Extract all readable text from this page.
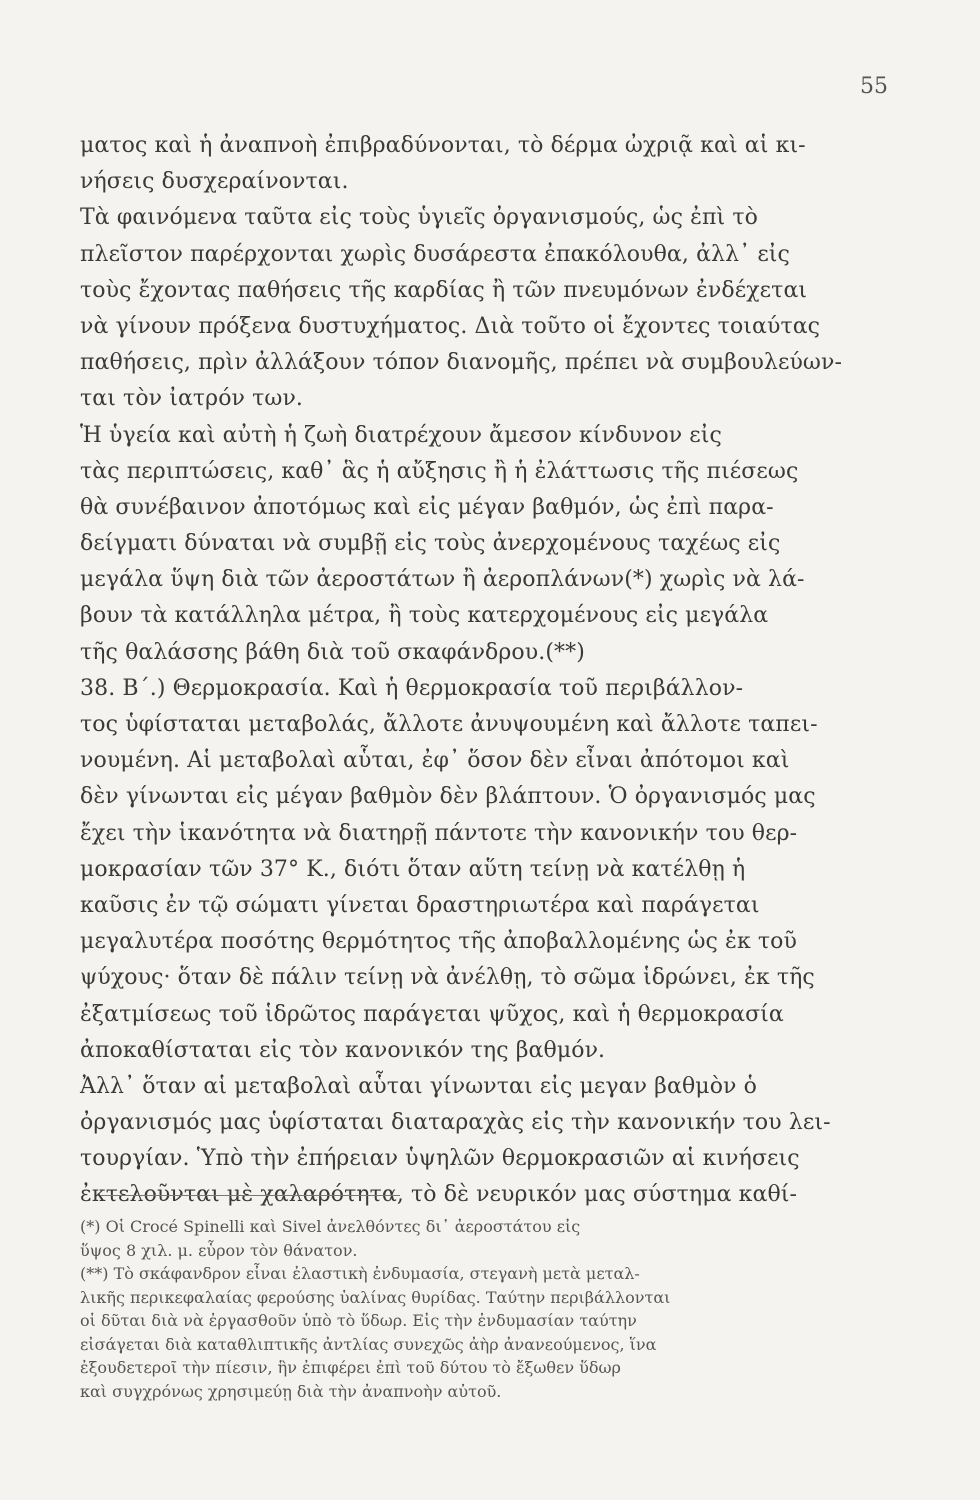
55
ματος καὶ ἡ ἀναπνοὴ ἐπιβραδύνονται, τὸ δέρμα ὠχριᾷ καὶ αἱ κι-
νήσεις δυσχεραίνονται.
Τὰ φαινόμενα ταῦτα εἰς τοὺς ὑγιεῖς ὀργανισμούς, ὡς ἐπὶ τὸ
πλεῖστον παρέρχονται χωρὶς δυσάρεστα ἐπακόλουθα, ἀλλ᾽ εἰς
τοὺς ἔχοντας παθήσεις τῆς καρδίας ἢ τῶν πνευμόνων ἐνδέχεται
νὰ γίνουν πρόξενα δυστυχήματος. Διὰ τοῦτο οἱ ἔχοντες τοιαύτας
παθήσεις, πρὶν ἀλλάξουν τόπον διανομῆς, πρέπει νὰ συμβουλεύων-
ται τὸν ἰατρόν των.
Ἡ ὑγεία καὶ αὐτὴ ἡ ζωὴ διατρέχουν ἄμεσον κίνδυνον εἰς
τὰς περιπτώσεις, καθ᾽ ἃς ἡ αὔξησις ἢ ἡ ἐλάττωσις τῆς πιέσεως
θὰ συνέβαινον ἀποτόμως καὶ εἰς μέγαν βαθμόν, ὡς ἐπὶ παρα-
δείγματι δύναται νὰ συμβῇ εἰς τοὺς ἀνερχομένους ταχέως εἰς
μεγάλα ὕψη διὰ τῶν ἀεροστάτων ἢ ἀεροπλάνων(*) χωρὶς νὰ λά-
βουν τὰ κατάλληλα μέτρα, ἢ τοὺς κατερχομένους εἰς μεγάλα
τῆς θαλάσσης βάθη διὰ τοῦ σκαφάνδρου.(**)
38. Β΄.) Θερμοκρασία. Καὶ ἡ θερμοκρασία τοῦ περιβάλλον-
τος ὑφίσταται μεταβολάς, ἄλλοτε ἀνυψουμένη καὶ ἄλλοτε ταπει-
νουμένη. Αἱ μεταβολαὶ αὗται, ἐφ᾽ ὅσον δὲν εἶναι ἀπότομοι καὶ
δὲν γίνωνται εἰς μέγαν βαθμὸν δὲν βλάπτουν. Ὁ ὀργανισμός μας
ἔχει τὴν ἱκανότητα νὰ διατηρῇ πάντοτε τὴν κανονικήν του θερ-
μοκρασίαν τῶν 37° Κ., διότι ὅταν αὕτη τείνῃ νὰ κατέλθῃ ἡ
καῦσις ἐν τῷ σώματι γίνεται δραστηριωτέρα καὶ παράγεται
μεγαλυτέρα ποσότης θερμότητος τῆς ἀποβαλλομένης ὡς ἐκ τοῦ
ψύχους· ὅταν δὲ πάλιν τείνῃ νὰ ἀνέλθῃ, τὸ σῶμα ἱδρώνει, ἐκ τῆς
ἐξατμίσεως τοῦ ἱδρῶτος παράγεται ψῦχος, καὶ ἡ θερμοκρασία
ἀποκαθίσταται εἰς τὸν κανονικόν της βαθμόν.
Ἀλλ᾽ ὅταν αἱ μεταβολαὶ αὗται γίνωνται εἰς μεγαν βαθμὸν ὁ
ὀργανισμός μας ὑφίσταται διαταραχὰς εἰς τὴν κανονικήν του λει-
τουργίαν. Ὑπὸ τὴν ἐπήρειαν ὑψηλῶν θερμοκρασιῶν αἱ κινήσεις
ἐκτελοῦνται μὲ χαλαρότητα, τὸ δὲ νευρικόν μας σύστημα καθί-
(*) Οἱ Crocé Spinelli καὶ Sivel ἀνελθόντες δι᾽ ἀεροστάτου εἰς
ὕψος 8 χιλ. μ. εὗρον τὸν θάνατον.
(**) Τὸ σκάφανδρον εἶναι ἐλαστικὴ ἐνδυμασία, στεγανὴ μετὰ μεταλ-
λικῆς περικεφαλαίας φερούσης ὑαλίνας θυρίδας. Ταύτην περιβάλλονται
οἱ δῦται διὰ νὰ ἐργασθοῦν ὑπὸ τὸ ὕδωρ. Εἰς τὴν ἐνδυμασίαν ταύτην
εἰσάγεται διὰ καταθλιπτικῆς ἀντλίας συνεχῶς ἀὴρ ἀνανεούμενος, ἵνα
ἐξουδετεροῖ τὴν πίεσιν, ἣν ἐπιφέρει ἐπὶ τοῦ δύτου τὸ ἔξωθεν ὕδωρ
καὶ συγχρόνως χρησιμεύῃ διὰ τὴν ἀναπνοὴν αὐτοῦ.
